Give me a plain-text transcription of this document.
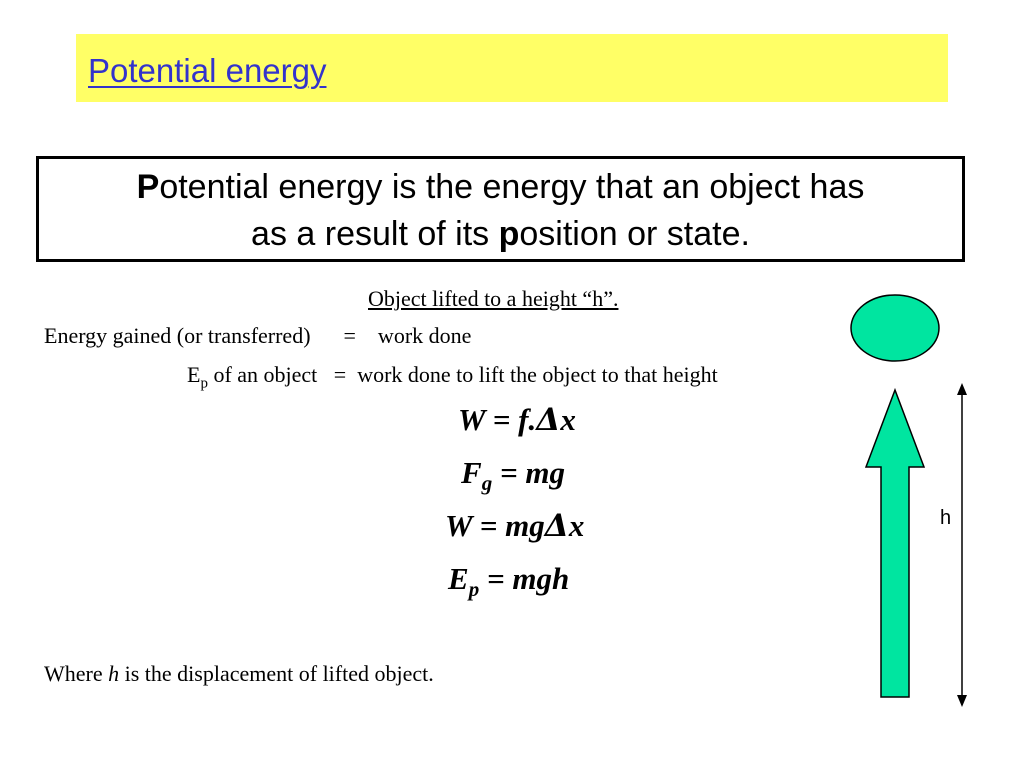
Potential energy
Potential energy is the energy that an object has
as a result of its position or state.
Object lifted to a height “h”.
Energy gained (or transferred)      =    work done
$E_p$ of an object   =  work done to lift the object to that height
W = f.Δx
$F_g$ = mg
W = mgΔx
$E_p$ = mgh
Where h is the displacement of lifted object.
h
